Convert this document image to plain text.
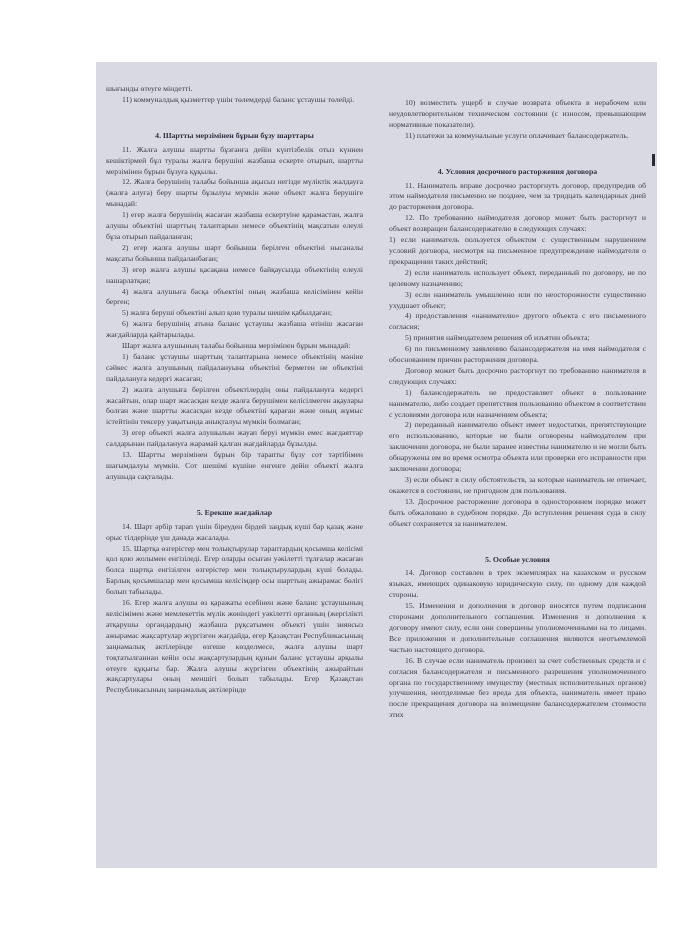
шығынды өтеуге міндетті.

11) коммуналдық қызметтер үшін төлемдерді баланс ұстаушы төлейді.

4. Шартты мерзімінен бұрын бұзу шарттары

11. Жалға алушы шартты бұзғанға дейін күнтізбелік отыз күннен кешіктірмей бұл туралы жалға берушіні жазбаша ескерте отырып, шартты мерзімінен бұрын бұзуға құқылы.

12. Жалға берушінің талабы бойынша ақысыз негізде мүліктік жалдауға (жалға алуға) беру шарты бұзылуы мүмкін және объект жалға берушіге мынадай:

1) егер жалға берушінің жасаған жазбаша ескертуіне қарамастан, жалға алушы объектіні шарттың талаптарын немесе объектінің мақсатын елеулі бұза отырып пайдаланған;

2) егер жалға алушы шарт бойынша берілген объектіні нысаналы мақсаты бойынша пайдаланбаған;

3) егер жалға алушы қасақана немесе байқаусызда объектінің елеулі нашарлатқан;

4) жалға алушыға басқа объектіні оның жазбаша келісімінен кейін берген;

5) жалға беруші объектіні алып қою туралы шешім қабылдаған;

6) жалға берушінің атына баланс ұстаушы жазбаша өтініш жасаған жағдайларда қайтарылады.

Шарт жалға алушының талабы бойынша мерзімінен бұрын мынадай:

1) баланс ұстаушы шарттың талаптарына немесе объектінің мәніне сәйкес жалға алушының пайдалануына объектіні бермеген не объектіні пайдалануға кедергі жасаған;

2) жалға алушыға берілген объектілердің оны пайдалануға кедергі жасайтын, олар шарт жасасқан кезде жалға берушімен келісілмеген ақаулары болған және шартты жасасқан кезде объектіні қараған және оның жұмыс істейтінін тексеру уақытында анықталуы мүмкін болмаған;

3) егер объекті жалға алушылын жауап беруі мүмкін емес жағдаяттар салдарынан пайдалануға жарамай қалған жағдайларда бұзылды.

13. Шартты мерзімінен бұрын бір тарапты бұзу сот тәртібімен шағымдалуы мүмкін. Сот шешімі күшіне енгенге дейін объекті жалға алушыда сақталады.

5. Ерекше жағдайлар

14. Шарт әрбір тарап үшін біреуден бірдей заңдық күші бар қазақ және орыс тілдерінде үш данада жасалады.

15. Шартқа өзгерістер мен толықтырулар тараптардың қосымша келісімі қол қою жолымен енгізіледі. Егер оларды осыған уәкілетті тұлғалар жасаған болса шартқа енгізілген өзгерістер мен толықтырулардың күші болады. Барлық қосымшалар мен қосымша келісімдер осы шарттың ажырамас бөлігі болып табылады.

16. Егер жалға алушы өз қаражаты есебінен және баланс ұстаушының келісімімен және мемлекеттік мүлік жөніндегі уәкілетті органның (жергілікті атқарушы органдардың) жазбаша рұқсатымен объекті үшін зиянсыз ажырамас жақсартулар жүргізген жағдайда, егер Қазақстан Республикасының заңнамалық актілерінде өзгеше көзделмесе, жалға алушы шарт тоқтатылғаннан кейін осы жақсартулардың құнын баланс ұстаушы арқылы өтеуге құқығы бар. Жалға алушы жүргізген объектінің ажырайтын жақсартулары оның меншігі болып табылады. Егер Қазақстан Республикасының заңнамалық актілерінде

10) возместить ущерб в случае возврата объекта в нерабочем или неудовлетворительном техническом состоянии (с износом, превышающим нормативные показатели).

11) платежи за коммунальные услуги оплачивает балансодержатель.

4. Условия досрочного расторжения договора

11. Наниматель вправе досрочно расторгнуть договор, предупредив об этом наймодателя письменно не позднее, чем за тридцать календарных дней до расторжения договора.

12. По требованию наймодателя договор может быть расторгнут и объект возвращен балансодержателю в следующих случаях:

1) если наниматель пользуется объектом с существенным нарушением условий договора, несмотря на письменное предупреждение наймодателя о прекращении таких действий;

2) если наниматель использует объект, переданный по договору, не по целевому назначению;

3) если наниматель умышленно или по неосторожности существенно ухудшает объект;

4) предоставления «нанимателю» другого объекта с его письменного согласия;

5) принятия наймодателем решения об изъятии объекта;

6) по письменному заявлению балансодержателя на имя наймодателя с обоснованием причин расторжения договора.

Договор может быть досрочно расторгнут по требованию нанимателя в следующих случаях:

1) балансодержатель не предоставляет объект в пользование нанимателю, либо создает препятствия пользованию объектом в соответствии с условиями договора или назначением объекта;

2) переданный нанимателю объект имеет недостатки, препятствующие его использованию, которые не были оговорены наймодателем при заключении договора, не были заранее известны нанимателю и не могли быть обнаружены им во время осмотра объекта или проверки его исправности при заключении договора;

3) если объект в силу обстоятельств, за которые наниматель не отвечает, окажется в состоянии, не пригодном для пользования.

13. Досрочное расторжение договора в одностороннем порядке может быть обжаловано в судебном порядке. До вступления решения суда в силу объект сохраняется за нанимателем.

5. Особые условия

14. Договор составлен в трех экземплярах на казахском и русском языках, имеющих одинаковую юридическую силу, по одному для каждой стороны.

15. Изменения и дополнения в договор вносятся путем подписания сторонами дополнительного соглашения. Изменения и дополнения к договору имеют силу, если они совершены уполномоченными на то лицами. Все приложения и дополнительные соглашения являются неотъемлемой частью настоящего договора.

16. В случае если наниматель произвел за счет собственных средств и с согласия балансодержателя и письменного разрешения уполномоченного органа по государственному имуществу (местных исполнительных органов) улучшения, неотделимые без вреда для объекта, наниматель имеет право после прекращения договора на возмещение балансодержателем стоимости этих
